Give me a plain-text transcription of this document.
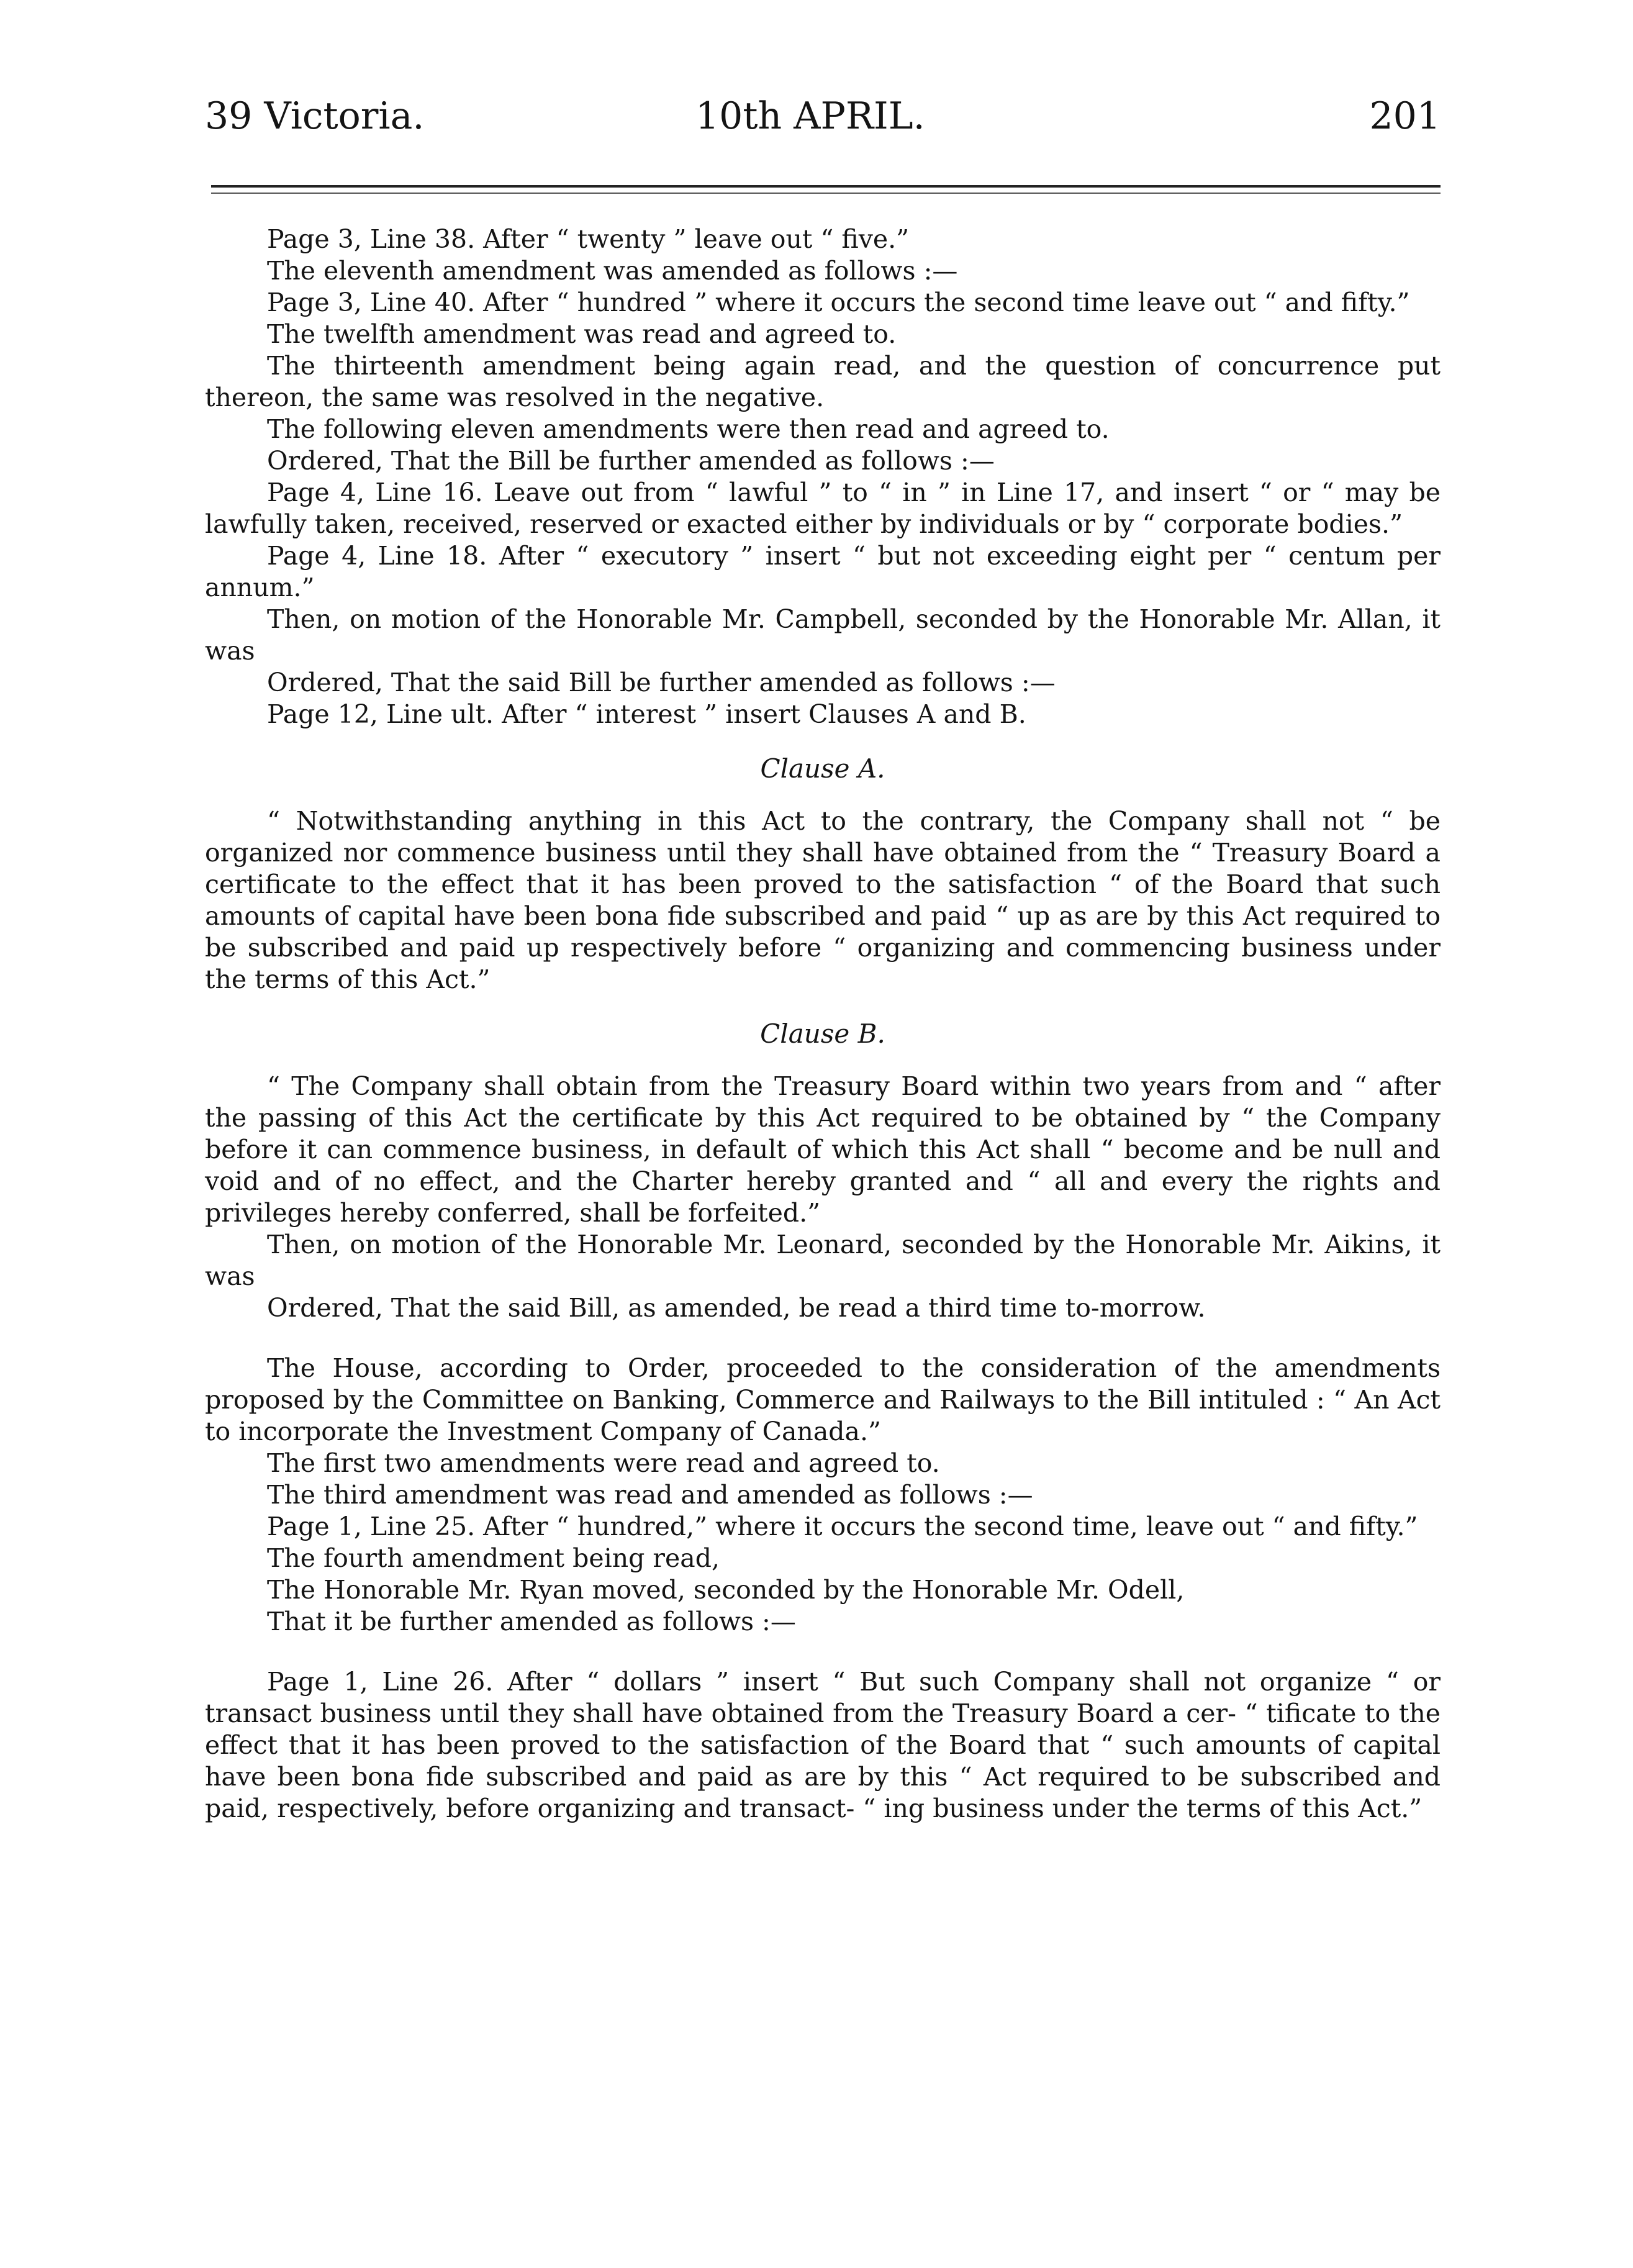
39 Victoria.	10th APRIL.	201

Page 3, Line 38. After “ twenty ” leave out “ five.”

The eleventh amendment was amended as follows :—

Page 3, Line 40. After “ hundred ” where it occurs the second time leave out “ and fifty.”

The twelfth amendment was read and agreed to.

The thirteenth amendment being again read, and the question of concurrence put thereon, the same was resolved in the negative.

The following eleven amendments were then read and agreed to.

Ordered, That the Bill be further amended as follows :—

Page 4, Line 16. Leave out from “ lawful ” to “ in ” in Line 17, and insert “ or “ may be lawfully taken, received, reserved or exacted either by individuals or by “ corporate bodies.”

Page 4, Line 18. After “ executory ” insert “ but not exceeding eight per “ centum per annum.”

Then, on motion of the Honorable Mr. Campbell, seconded by the Honorable Mr. Allan, it was

Ordered, That the said Bill be further amended as follows :—

Page 12, Line ult. After “ interest ” insert Clauses A and B.

Clause A.

“ Notwithstanding anything in this Act to the contrary, the Company shall not “ be organized nor commence business until they shall have obtained from the “ Treasury Board a certificate to the effect that it has been proved to the satisfaction “ of the Board that such amounts of capital have been bona fide subscribed and paid “ up as are by this Act required to be subscribed and paid up respectively before “ organizing and commencing business under the terms of this Act.”

Clause B.

“ The Company shall obtain from the Treasury Board within two years from and “ after the passing of this Act the certificate by this Act required to be obtained by “ the Company before it can commence business, in default of which this Act shall “ become and be null and void and of no effect, and the Charter hereby granted and “ all and every the rights and privileges hereby conferred, shall be forfeited.”

Then, on motion of the Honorable Mr. Leonard, seconded by the Honorable Mr. Aikins, it was

Ordered, That the said Bill, as amended, be read a third time to-morrow.

The House, according to Order, proceeded to the consideration of the amendments proposed by the Committee on Banking, Commerce and Railways to the Bill intituled : “ An Act to incorporate the Investment Company of Canada.”

The first two amendments were read and agreed to.

The third amendment was read and amended as follows :—

Page 1, Line 25. After “ hundred,” where it occurs the second time, leave out “ and fifty.”

The fourth amendment being read,

The Honorable Mr. Ryan moved, seconded by the Honorable Mr. Odell,

That it be further amended as follows :—

Page 1, Line 26. After “ dollars ” insert “ But such Company shall not organize “ or transact business until they shall have obtained from the Treasury Board a cer- “ tificate to the effect that it has been proved to the satisfaction of the Board that “ such amounts of capital have been bona fide subscribed and paid as are by this “ Act required to be subscribed and paid, respectively, before organizing and transact- “ ing business under the terms of this Act.”
